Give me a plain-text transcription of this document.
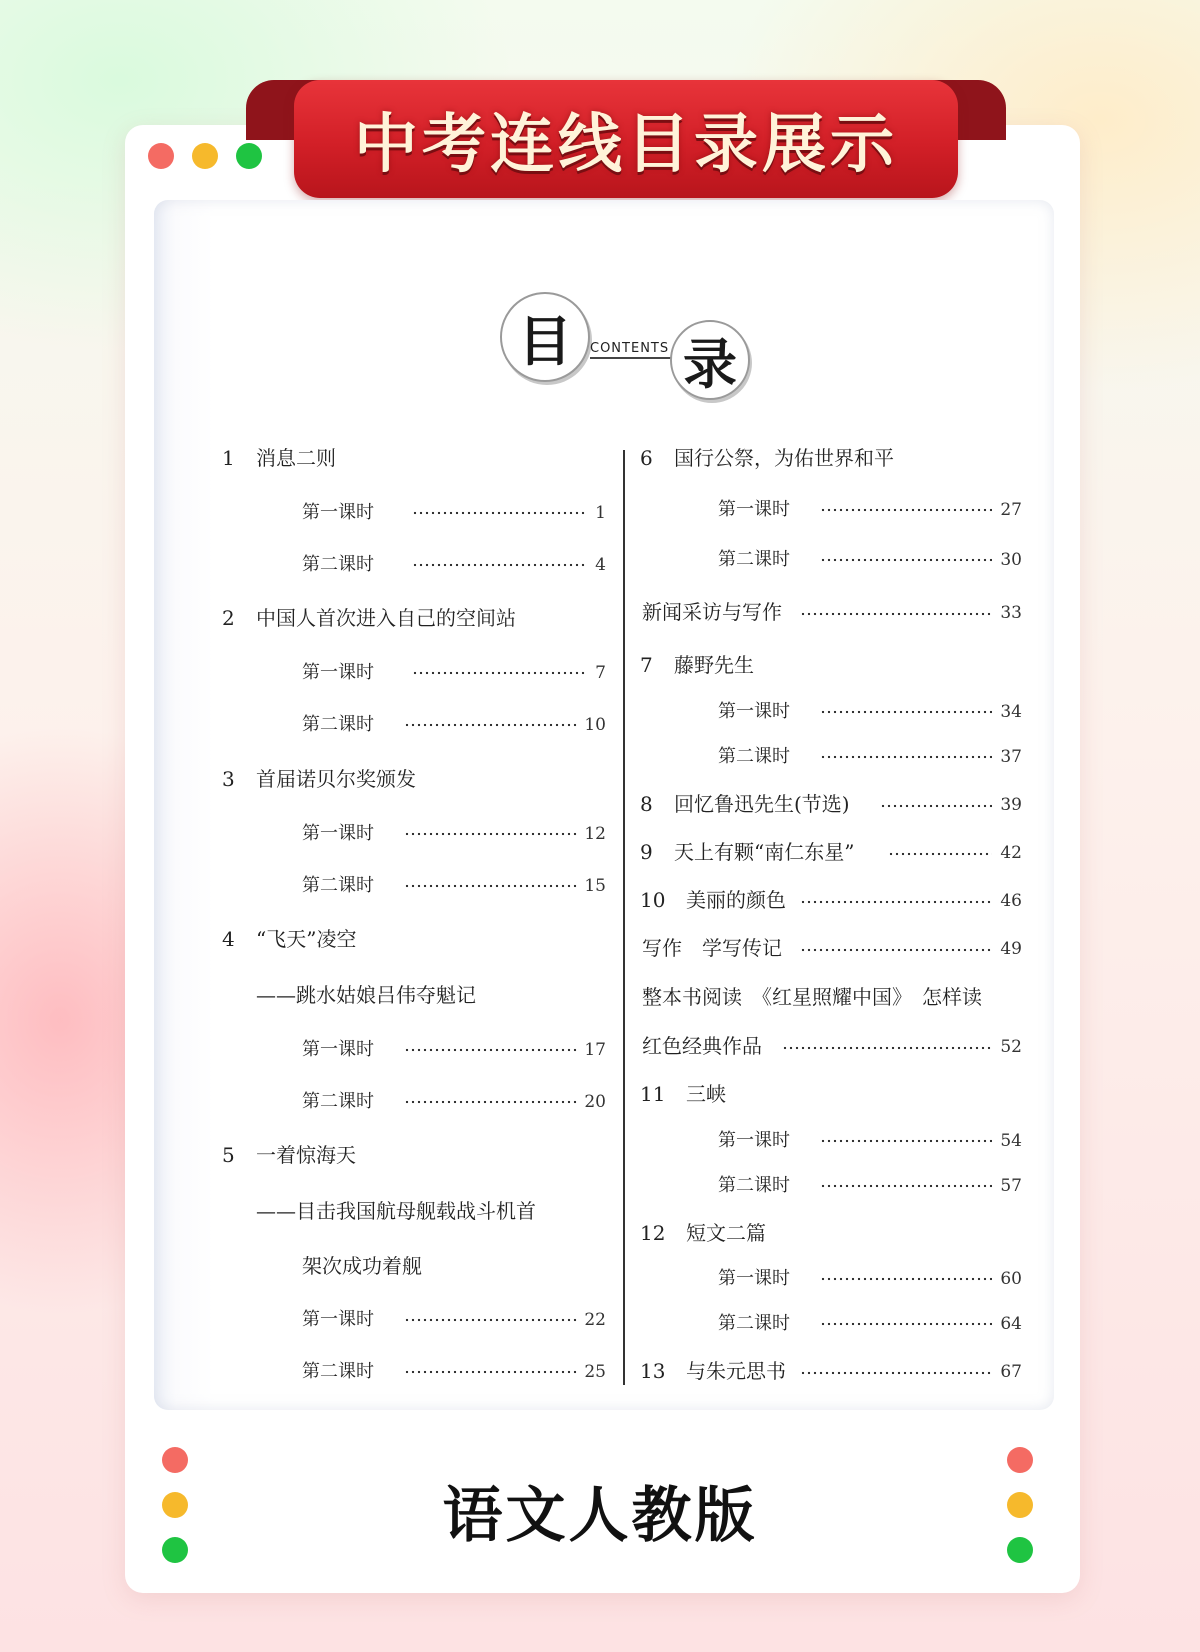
中考连线目录展示
目	CONTENTS 录
1 消息二则
第一课时	1
第二课时	4
2 中国人首次进入自己的空间站
第一课时	7
第二课时	10
3 首届诺贝尔奖颁发
第一课时	12
第二课时	15
4 “飞天”凌空
——跳水姑娘吕伟夺魁记
第一课时	17
第二课时	20
5 一着惊海天
——目击我国航母舰载战斗机首
架次成功着舰
第一课时	22
第二课时	25
6 国行公祭，为佑世界和平
第一课时	27
第二课时	30
新闻采访与写作	33
7 藤野先生
第一课时	34
第二课时	37
8 回忆鲁迅先生(节选)	39
9 天上有颗“南仁东星”	42
10 美丽的颜色	46
写作　学写传记	49
整本书阅读　《红星照耀中国》　怎样读
红色经典作品	52
11 三峡
第一课时	54
第二课时	57
12 短文二篇
第一课时	60
第二课时	64
13 与朱元思书	67
语文人教版
